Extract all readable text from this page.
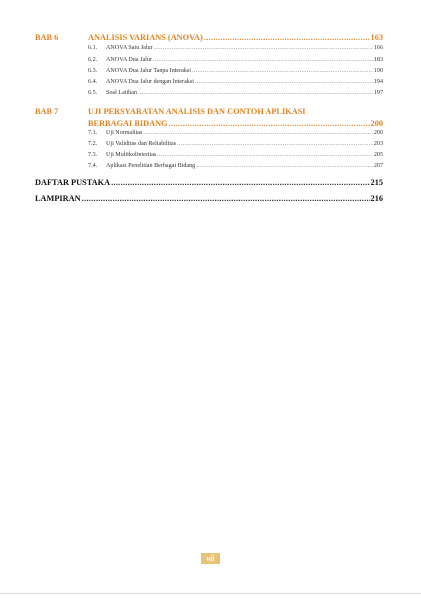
BAB 6	ANALISIS VARIANS (ANOVA) .....	163
6.1.	ANOVA Satu Jalur .....	166
6.2.	ANOVA Dua Jalur .....	183
6.3.	ANOVA Dua Jalur Tanpa Interaksi .....	190
6.4.	ANOVA Dua Jalur dengan Interaksi .....	194
6.5.	Soal Latihan .....	197
BAB 7	UJI PERSYARATAN ANALISIS DAN CONTOH APLIKASI
BERBAGAI BIDANG .....	200
7.1.	Uji Normalitas .....	200
7.2.	Uji Validitas dan Reliabilitas .....	203
7.3.	Uji Multikolinieritas .....	205
7.4.	Aplikasi Penelitian Berbagai Bidang .....	207
DAFTAR PUSTAKA .....	215
LAMPIRAN .....	216
vii
